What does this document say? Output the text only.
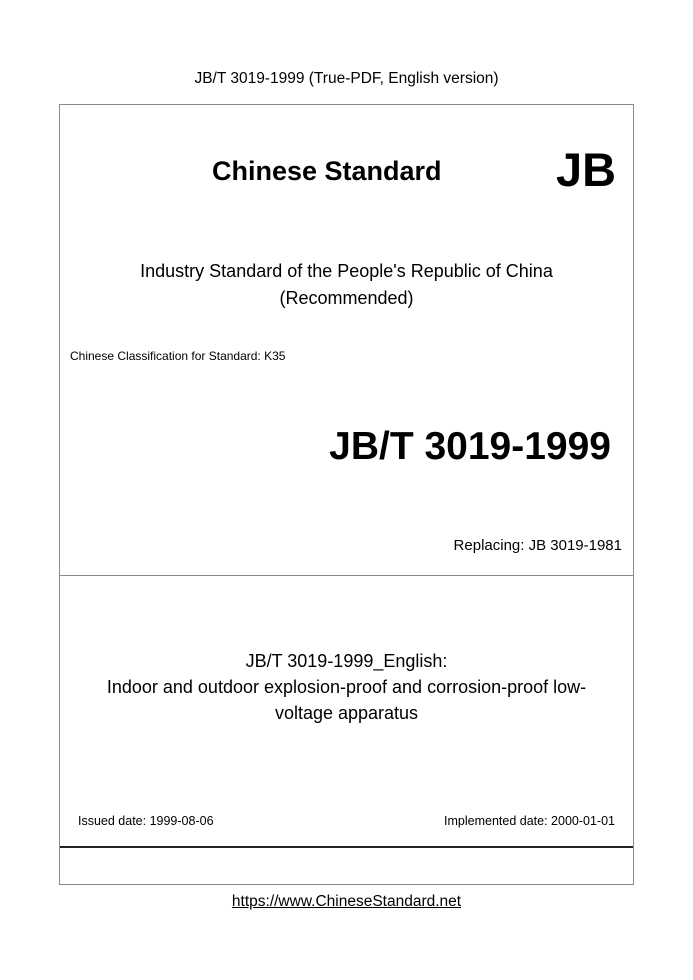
JB/T 3019-1999 (True-PDF, English version)
Chinese Standard JB
Industry Standard of the People's Republic of China
(Recommended)
Chinese Classification for Standard: K35
JB/T 3019-1999
Replacing: JB 3019-1981
JB/T 3019-1999_English:
Indoor and outdoor explosion-proof and corrosion-proof low-
voltage apparatus
Issued date: 1999-08-06	Implemented date: 2000-01-01
https://www.ChineseStandard.net
